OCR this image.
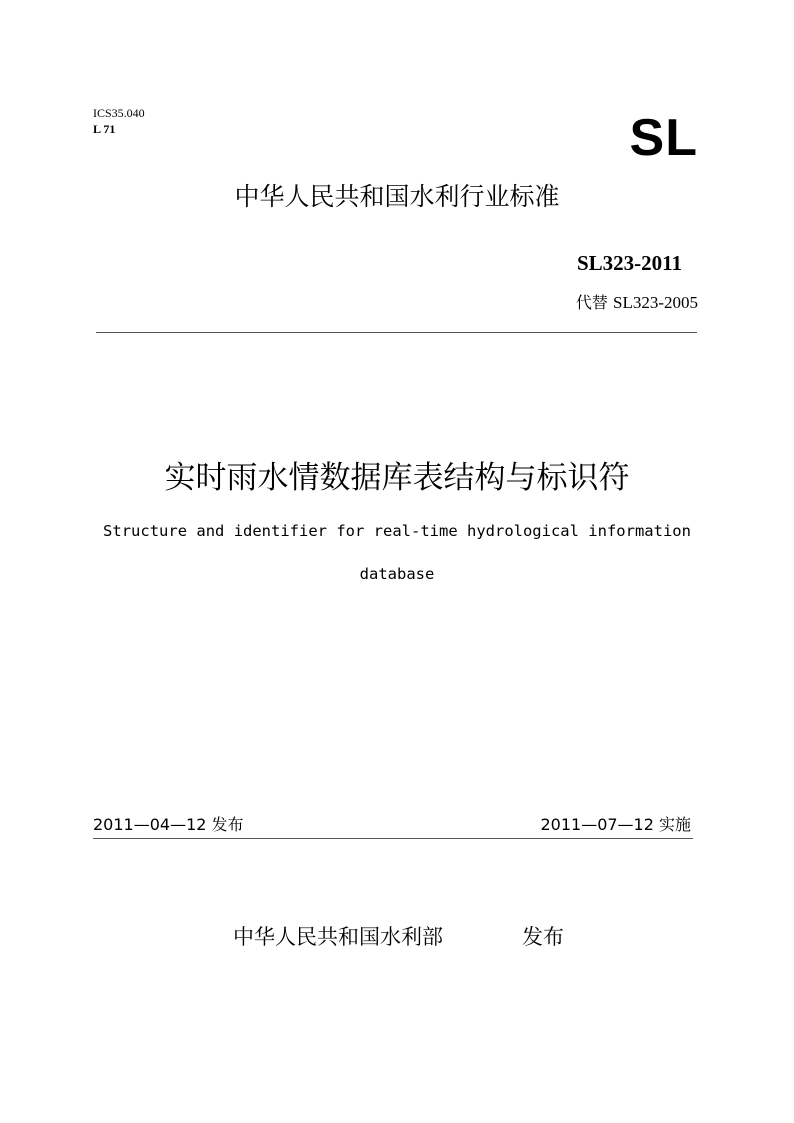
ICS35.040
L 71	SL
中华人民共和国水利行业标准
SL323-2011
代替 SL323-2005
实时雨水情数据库表结构与标识符
Structure and identifier for real-time hydrological information
database
2011—04—12 发布	2011—07—12 实施
中华人民共和国水利部	发布
